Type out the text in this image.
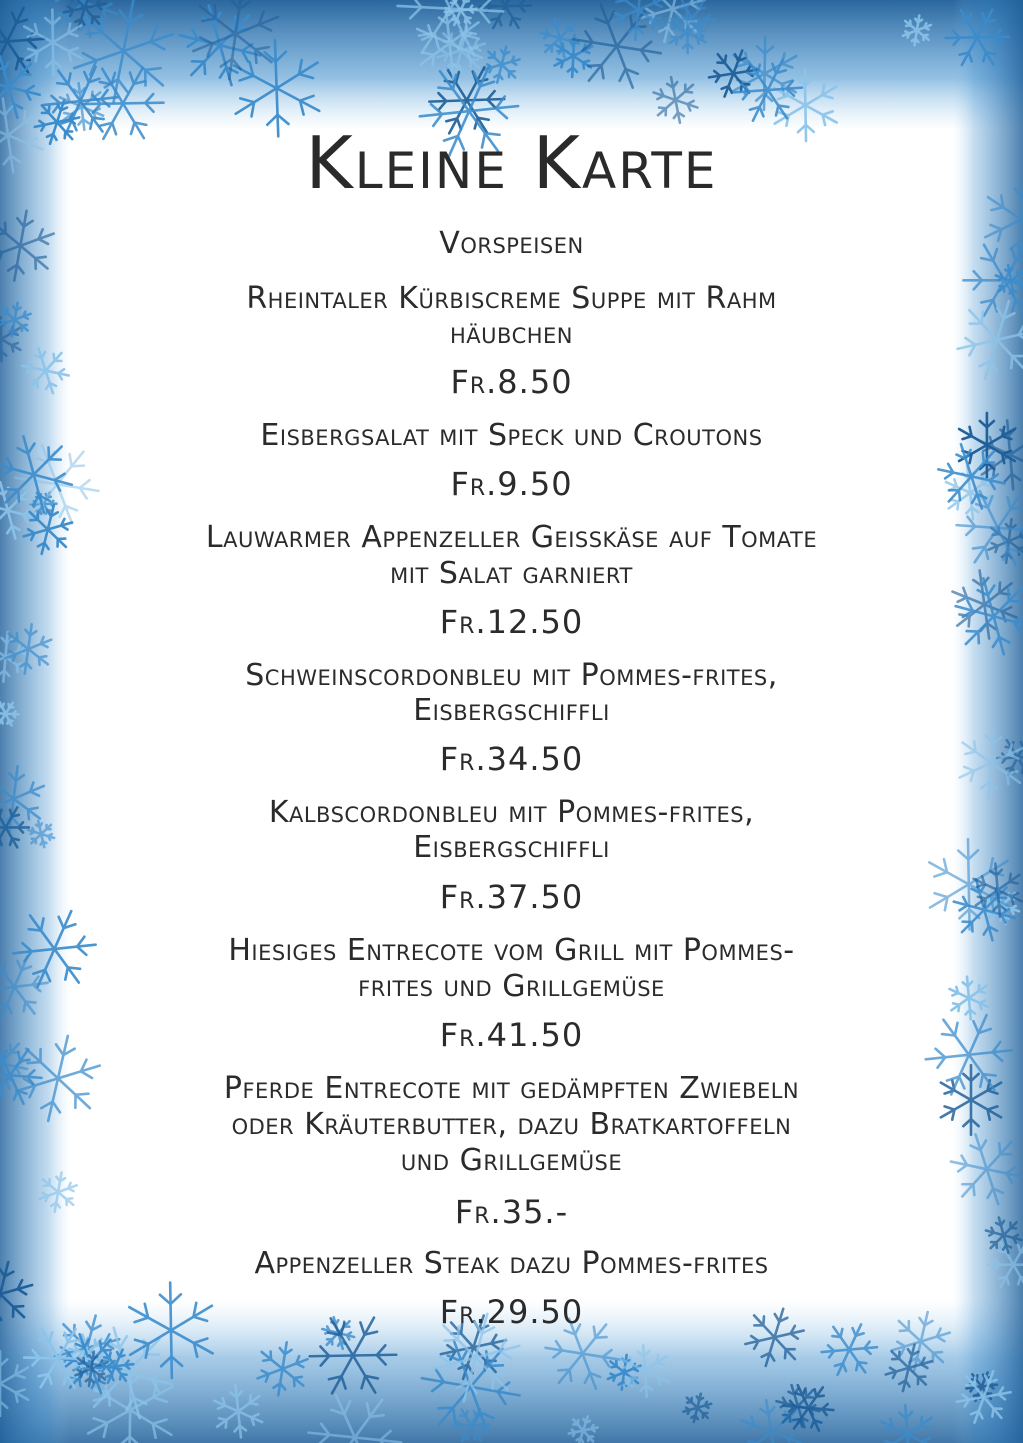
Kleine Karte
Vorspeisen
Rheintaler Kürbiscreme Suppe mit Rahm
häubchen
Fr.8.50
Eisbergsalat mit Speck und Croutons
Fr.9.50
Lauwarmer Appenzeller Geisskäse auf Tomate
mit Salat garniert
Fr.12.50
Schweinscordonbleu mit Pommes-frites,
Eisbergschiffli
Fr.34.50
Kalbscordonbleu mit Pommes-frites,
Eisbergschiffli
Fr.37.50
Hiesiges Entrecote vom Grill mit Pommes-
frites und Grillgemüse
Fr.41.50
Pferde Entrecote mit gedämpften Zwiebeln
oder Kräuterbutter, dazu Bratkartoffeln
und Grillgemüse
Fr.35.-
Appenzeller Steak dazu Pommes-frites
Fr.29.50
